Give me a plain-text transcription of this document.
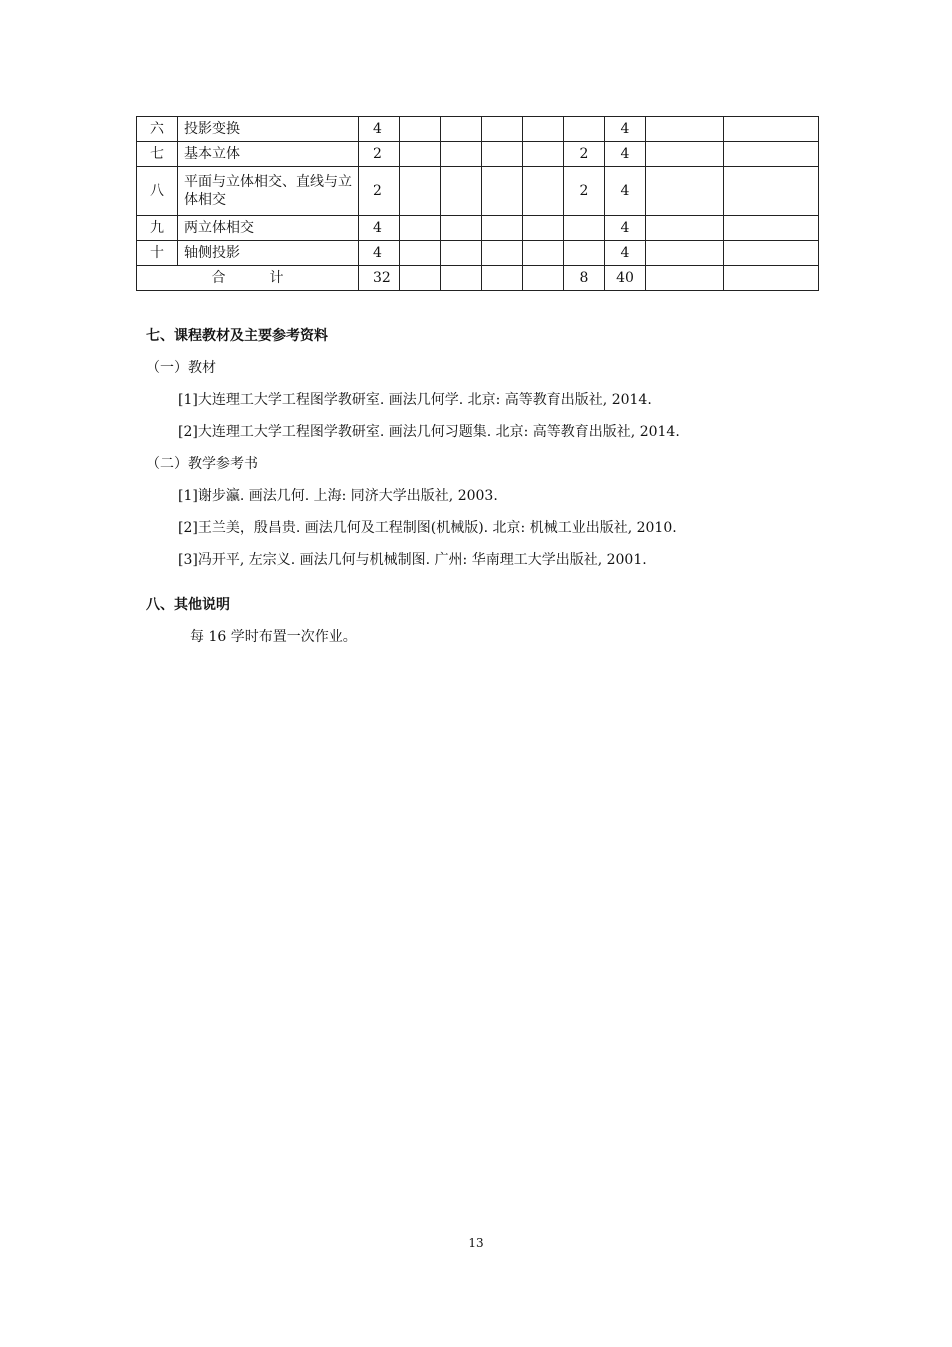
六	投影变换	4						4		
七	基本立体	2					2	4		
八	平面与立体相交、直线与立体相交	2					2	4		
九	两立体相交	4						4		
十	轴侧投影	4						4		
合 计		32					8	40		
七、课程教材及主要参考资料
（一）教材
[1]大连理工大学工程图学教研室. 画法几何学. 北京: 高等教育出版社, 2014.
[2]大连理工大学工程图学教研室. 画法几何习题集. 北京: 高等教育出版社, 2014.
（二）教学参考书
[1]谢步瀛. 画法几何. 上海: 同济大学出版社, 2003.
[2]王兰美，殷昌贵. 画法几何及工程制图(机械版). 北京: 机械工业出版社, 2010.
[3]冯开平, 左宗义. 画法几何与机械制图. 广州: 华南理工大学出版社, 2001.
八、其他说明
每 16 学时布置一次作业。
13
